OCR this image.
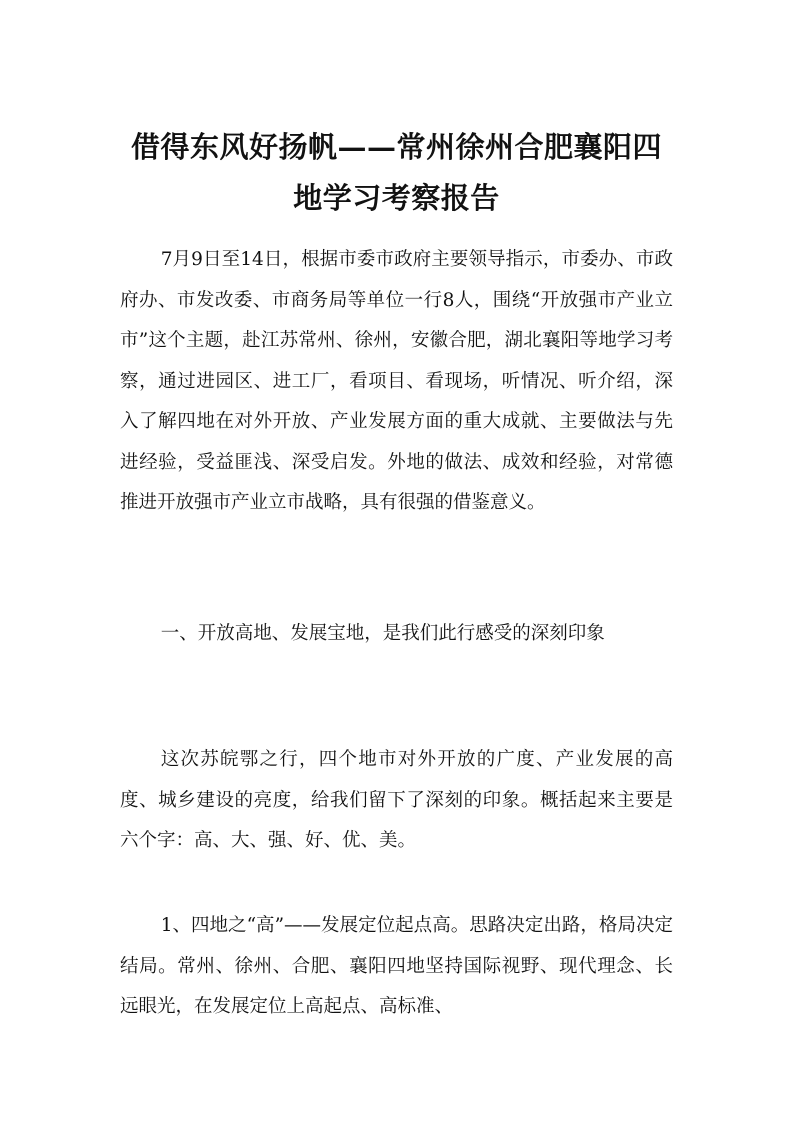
借得东风好扬帆——常州徐州合肥襄阳四
地学习考察报告

7月9日至14日，根据市委市政府主要领导指示，市委办、市政府办、市发改委、市商务局等单位一行8人，围绕“开放强市产业立市”这个主题，赴江苏常州、徐州，安徽合肥，湖北襄阳等地学习考察，通过进园区、进工厂，看项目、看现场，听情况、听介绍，深入了解四地在对外开放、产业发展方面的重大成就、主要做法与先进经验，受益匪浅、深受启发。外地的做法、成效和经验，对常德推进开放强市产业立市战略，具有很强的借鉴意义。

一、开放高地、发展宝地，是我们此行感受的深刻印象

这次苏皖鄂之行，四个地市对外开放的广度、产业发展的高度、城乡建设的亮度，给我们留下了深刻的印象。概括起来主要是六个字：高、大、强、好、优、美。

1、四地之“高”——发展定位起点高。思路决定出路，格局决定结局。常州、徐州、合肥、襄阳四地坚持国际视野、现代理念、长远眼光，在发展定位上高起点、高标准、
